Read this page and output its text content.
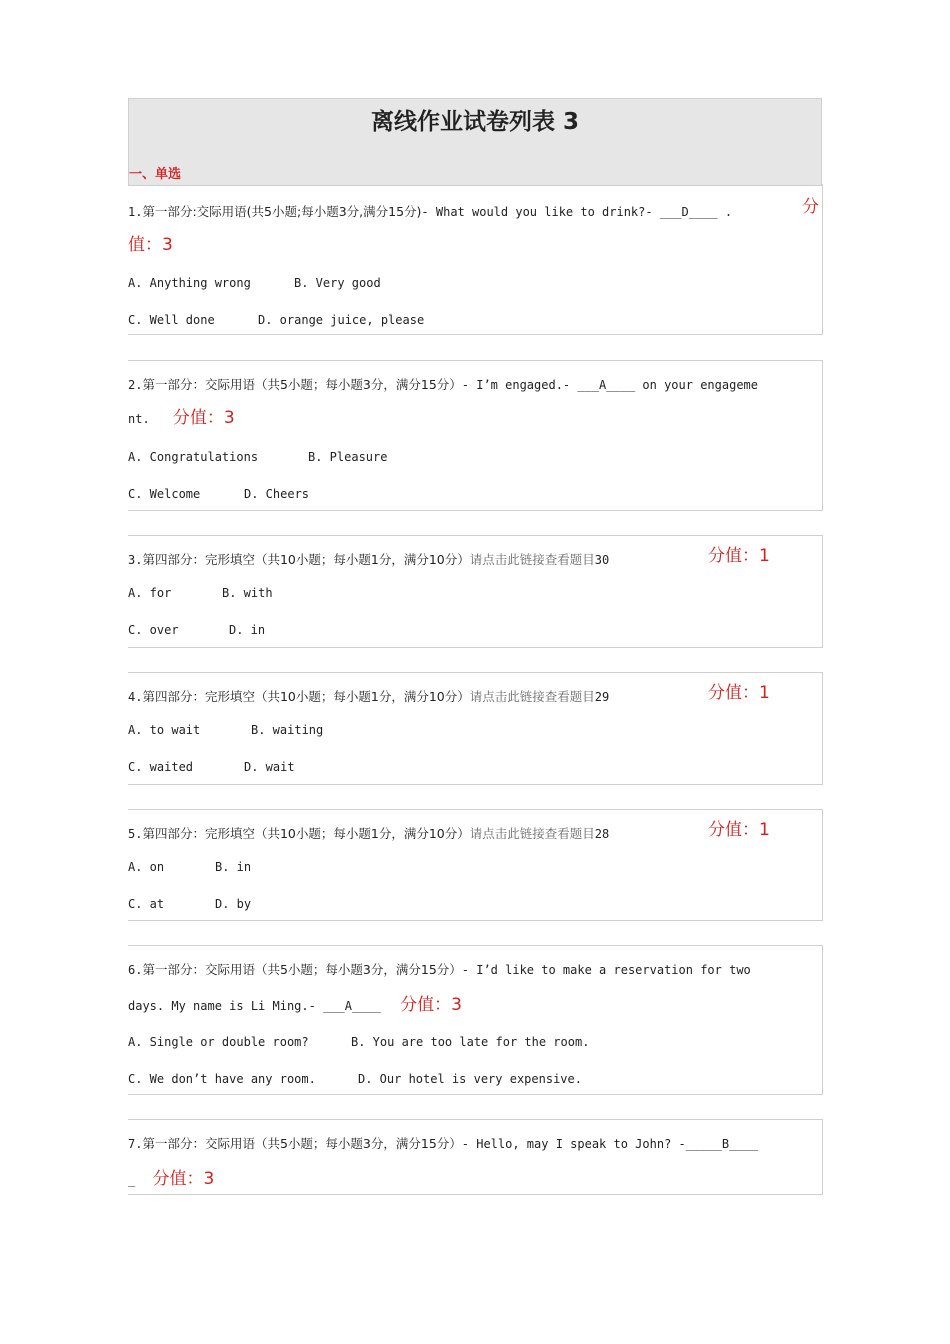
离线作业试卷列表 3
一、单选
1.第一部分:交际用语(共5小题;每小题3分,满分15分)- What would you like to drink?- ___D____ .	分
值：3
A. Anything wrong	B. Very good
C. Well done	D. orange juice, please
2.第一部分：交际用语（共5小题；每小题3分，满分15分）- I’m engaged.- ___A____ on your engageme
nt. 分值：3
A. Congratulations	B. Pleasure
C. Welcome	D. Cheers
3.第四部分：完形填空（共10小题；每小题1分，满分10分）请点击此链接查看题目30	分值：1
A. for	B. with
C. over	D. in
4.第四部分：完形填空（共10小题；每小题1分，满分10分）请点击此链接查看题目29	分值：1
A. to wait	B. waiting
C. waited	D. wait
5.第四部分：完形填空（共10小题；每小题1分，满分10分）请点击此链接查看题目28	分值：1
A. on	B. in
C. at	D. by
6.第一部分：交际用语（共5小题；每小题3分，满分15分）- I’d like to make a reservation for two
days. My name is Li Ming.- ___A____ 分值：3
A. Single or double room?	B. You are too late for the room.
C. We don’t have any room.	D. Our hotel is very expensive.
7.第一部分：交际用语（共5小题；每小题3分，满分15分）- Hello, may I speak to John? -_____B____
_ 分值：3
